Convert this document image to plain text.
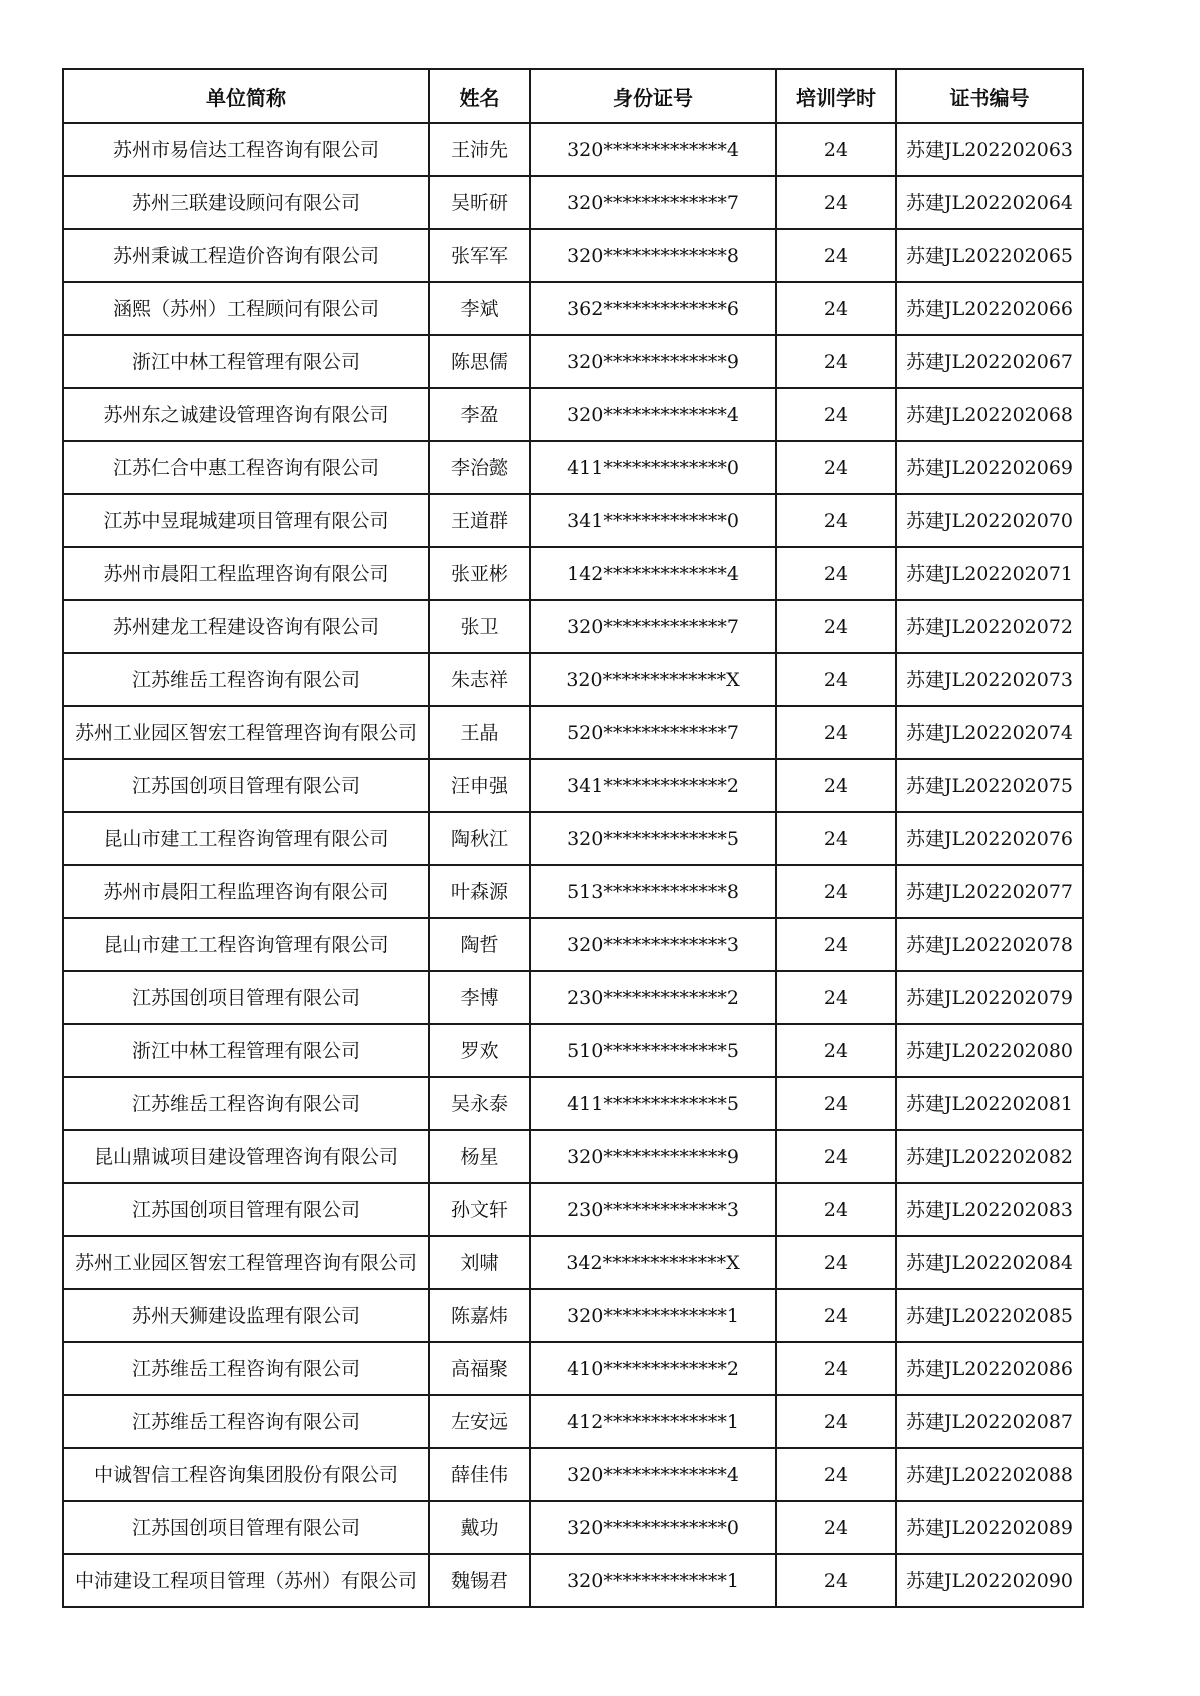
单位简称	姓名	身份证号	培训学时	证书编号
苏州市易信达工程咨询有限公司	王沛先	320*************4	24	苏建JL202202063
苏州三联建设顾问有限公司	吴昕研	320*************7	24	苏建JL202202064
苏州秉诚工程造价咨询有限公司	张军军	320*************8	24	苏建JL202202065
涵熙（苏州）工程顾问有限公司	李斌	362*************6	24	苏建JL202202066
浙江中林工程管理有限公司	陈思儒	320*************9	24	苏建JL202202067
苏州东之诚建设管理咨询有限公司	李盈	320*************4	24	苏建JL202202068
江苏仁合中惠工程咨询有限公司	李治懿	411*************0	24	苏建JL202202069
江苏中昱琨城建项目管理有限公司	王道群	341*************0	24	苏建JL202202070
苏州市晨阳工程监理咨询有限公司	张亚彬	142*************4	24	苏建JL202202071
苏州建龙工程建设咨询有限公司	张卫	320*************7	24	苏建JL202202072
江苏维岳工程咨询有限公司	朱志祥	320*************X	24	苏建JL202202073
苏州工业园区智宏工程管理咨询有限公司	王晶	520*************7	24	苏建JL202202074
江苏国创项目管理有限公司	汪申强	341*************2	24	苏建JL202202075
昆山市建工工程咨询管理有限公司	陶秋江	320*************5	24	苏建JL202202076
苏州市晨阳工程监理咨询有限公司	叶森源	513*************8	24	苏建JL202202077
昆山市建工工程咨询管理有限公司	陶哲	320*************3	24	苏建JL202202078
江苏国创项目管理有限公司	李博	230*************2	24	苏建JL202202079
浙江中林工程管理有限公司	罗欢	510*************5	24	苏建JL202202080
江苏维岳工程咨询有限公司	吴永泰	411*************5	24	苏建JL202202081
昆山鼎诚项目建设管理咨询有限公司	杨星	320*************9	24	苏建JL202202082
江苏国创项目管理有限公司	孙文轩	230*************3	24	苏建JL202202083
苏州工业园区智宏工程管理咨询有限公司	刘啸	342*************X	24	苏建JL202202084
苏州天狮建设监理有限公司	陈嘉炜	320*************1	24	苏建JL202202085
江苏维岳工程咨询有限公司	高福聚	410*************2	24	苏建JL202202086
江苏维岳工程咨询有限公司	左安远	412*************1	24	苏建JL202202087
中诚智信工程咨询集团股份有限公司	薛佳伟	320*************4	24	苏建JL202202088
江苏国创项目管理有限公司	戴功	320*************0	24	苏建JL202202089
中沛建设工程项目管理（苏州）有限公司	魏锡君	320*************1	24	苏建JL202202090
